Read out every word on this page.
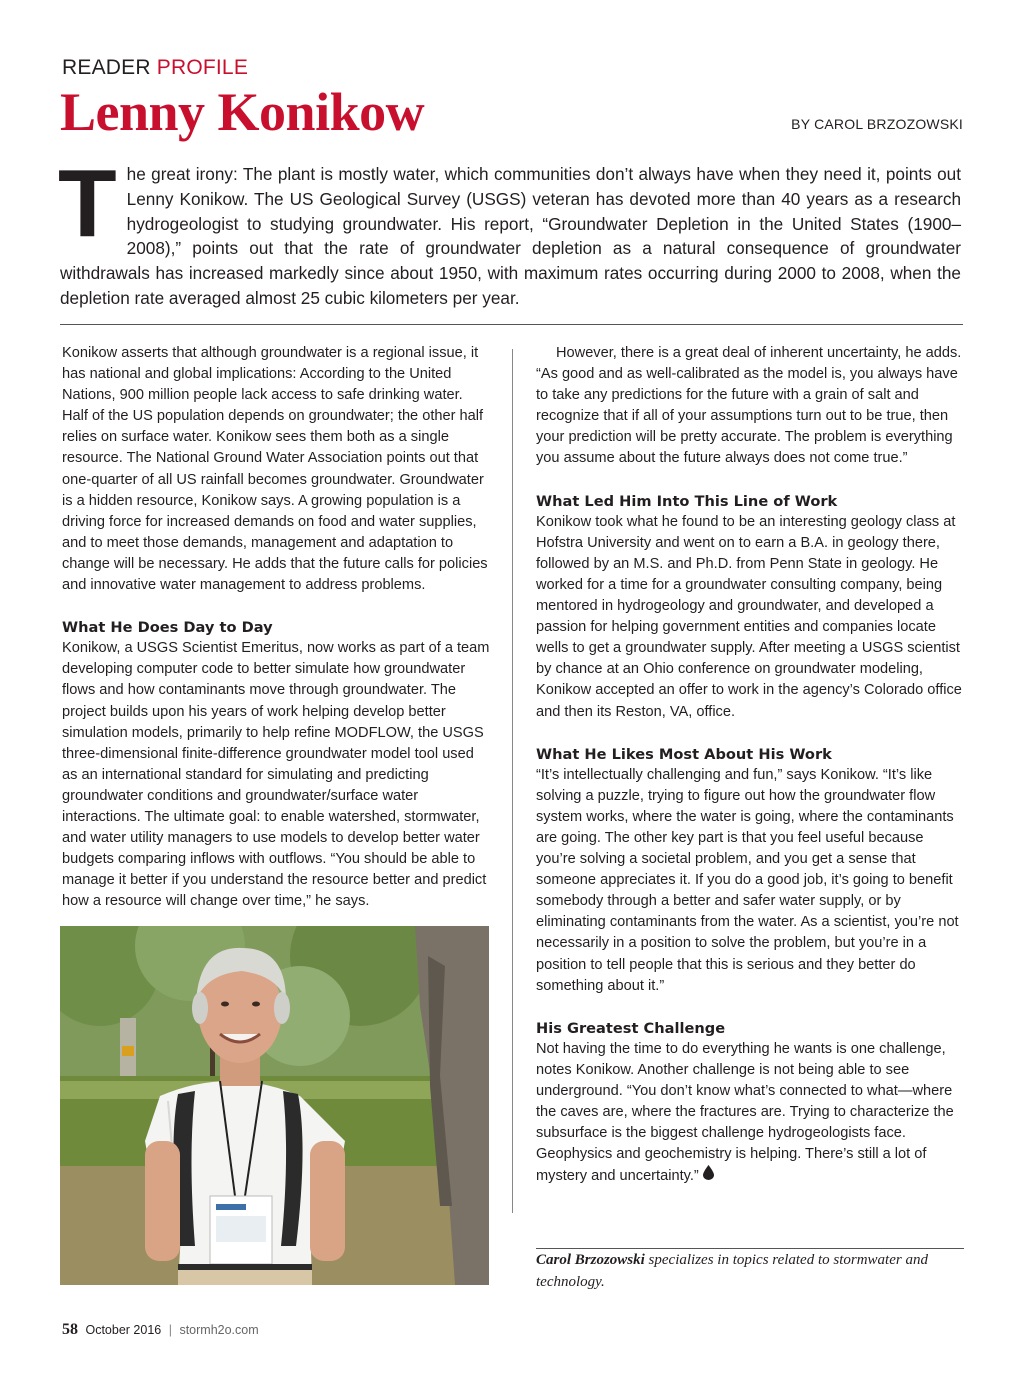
READER PROFILE
Lenny Konikow	BY CAROL BRZOZOWSKI

The great irony: The plant is mostly water, which communities don’t always have when they need it, points out Lenny Konikow. The US Geological Survey (USGS) veteran has devoted more than 40 years as a research hydrogeologist to studying groundwater. His report, “Groundwater Depletion in the United States (1900–2008),” points out that the rate of groundwater depletion as a natural consequence of groundwater withdrawals has increased markedly since about 1950, with maximum rates occurring during 2000 to 2008, when the depletion rate averaged almost 25 cubic kilometers per year.

Konikow asserts that although groundwater is a regional issue, it has national and global implications: According to the United Nations, 900 million people lack access to safe drinking water. Half of the US population depends on groundwater; the other half relies on surface water. Konikow sees them both as a single resource. The National Ground Water Association points out that one-quarter of all US rainfall becomes groundwater. Groundwater is a hidden resource, Konikow says. A growing population is a driving force for increased demands on food and water supplies, and to meet those demands, management and adaptation to change will be necessary. He adds that the future calls for policies and innovative water management to address problems.

What He Does Day to Day

Konikow, a USGS Scientist Emeritus, now works as part of a team developing computer code to better simulate how groundwater flows and how contaminants move through groundwater. The project builds upon his years of work helping develop better simulation models, primarily to help refine MODFLOW, the USGS three-dimensional finite-difference groundwater model tool used as an international standard for simulating and predicting groundwater conditions and groundwater/surface water interactions. The ultimate goal: to enable watershed, stormwater, and water utility managers to use models to develop better water budgets comparing inflows with outflows. “You should be able to manage it better if you understand the resource better and predict how a resource will change over time,” he says.

However, there is a great deal of inherent uncertainty, he adds. “As good and as well-calibrated as the model is, you always have to take any predictions for the future with a grain of salt and recognize that if all of your assumptions turn out to be true, then your prediction will be pretty accurate. The problem is everything you assume about the future always does not come true.”

What Led Him Into This Line of Work

Konikow took what he found to be an interesting geology class at Hofstra University and went on to earn a B.A. in geology there, followed by an M.S. and Ph.D. from Penn State in geology. He worked for a time for a groundwater consulting company, being mentored in hydrogeology and groundwater, and developed a passion for helping government entities and companies locate wells to get a groundwater supply. After meeting a USGS scientist by chance at an Ohio conference on groundwater modeling, Konikow accepted an offer to work in the agency’s Colorado office and then its Reston, VA, office.

What He Likes Most About His Work

“It’s intellectually challenging and fun,” says Konikow. “It’s like solving a puzzle, trying to figure out how the groundwater flow system works, where the water is going, where the contaminants are going. The other key part is that you feel useful because you’re solving a societal problem, and you get a sense that someone appreciates it. If you do a good job, it’s going to benefit somebody through a better and safer water supply, or by eliminating contaminants from the water. As a scientist, you’re not necessarily in a position to solve the problem, but you’re in a position to tell people that this is serious and they better do something about it.”

His Greatest Challenge

Not having the time to do everything he wants is one challenge, notes Konikow. Another challenge is not being able to see underground. “You don’t know what’s connected to what—where the caves are, where the fractures are. Trying to characterize the subsurface is the biggest challenge hydrogeologists face. Geophysics and geochemistry is helping. There’s still a lot of mystery and uncertainty.”

Carol Brzozowski specializes in topics related to stormwater and technology.

58 October 2016 | stormh2o.com
